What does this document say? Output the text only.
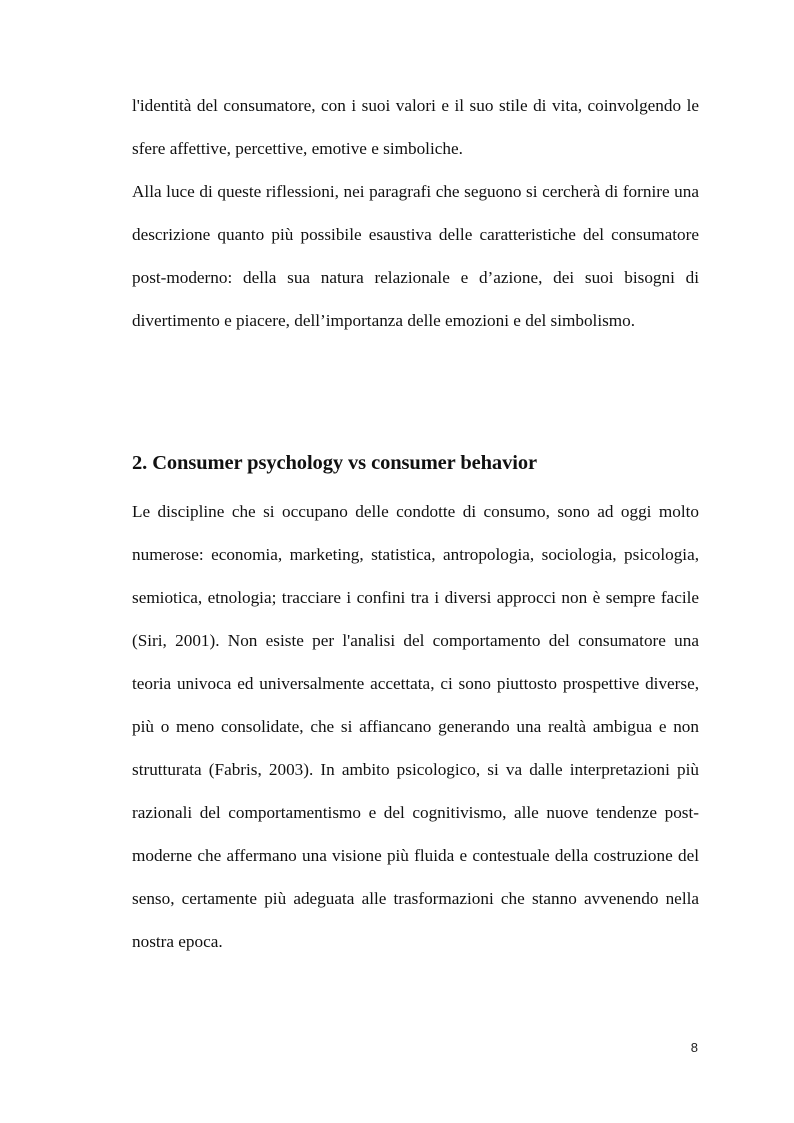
l'identità del consumatore, con i suoi valori e il suo stile di vita, coinvolgendo le sfere affettive, percettive, emotive e simboliche.

Alla luce di queste riflessioni, nei paragrafi che seguono si cercherà di fornire una descrizione quanto più possibile esaustiva delle caratteristiche del consumatore post-moderno: della sua natura relazionale e d’azione, dei suoi bisogni di divertimento e piacere, dell’importanza delle emozioni e del simbolismo.

2. Consumer psychology vs consumer behavior

Le discipline che si occupano delle condotte di consumo, sono ad oggi molto numerose: economia, marketing, statistica, antropologia, sociologia, psicologia, semiotica, etnologia; tracciare i confini tra i diversi approcci non è sempre facile (Siri, 2001). Non esiste per l'analisi del comportamento del consumatore una teoria univoca ed universalmente accettata, ci sono piuttosto prospettive diverse, più o meno consolidate, che si affiancano generando una realtà ambigua e non strutturata (Fabris, 2003). In ambito psicologico, si va dalle interpretazioni più razionali del comportamentismo e del cognitivismo, alle nuove tendenze post-moderne che affermano una visione più fluida e contestuale della costruzione del senso, certamente più adeguata alle trasformazioni che stanno avvenendo nella nostra epoca.

8
